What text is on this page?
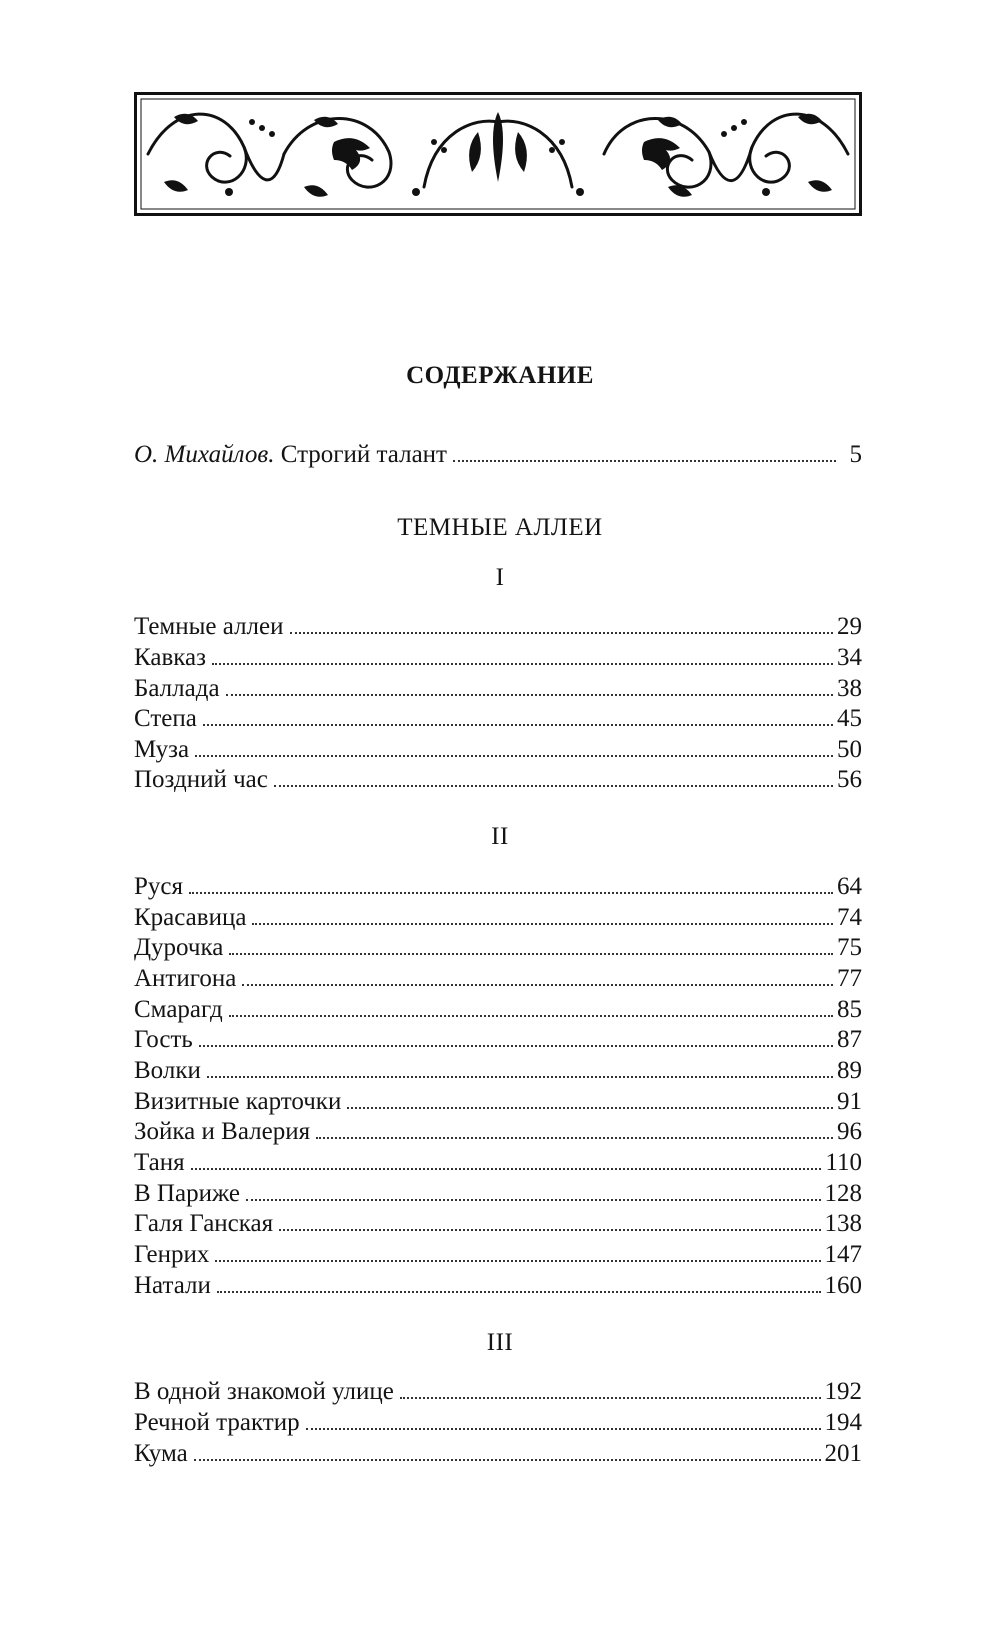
СОДЕРЖАНИЕ
О. Михайлов. Строгий талант	5
ТЕМНЫЕ АЛЛЕИ
I
Темные аллеи	29
Кавказ	34
Баллада	38
Степа	45
Муза	50
Поздний час	56
II
Руся	64
Красавица	74
Дурочка	75
Антигона	77
Смарагд	85
Гость	87
Волки	89
Визитные карточки	91
Зойка и Валерия	96
Таня	110
В Париже	128
Галя Ганская	138
Генрих	147
Натали	160
III
В одной знакомой улице	192
Речной трактир	194
Кума	201
